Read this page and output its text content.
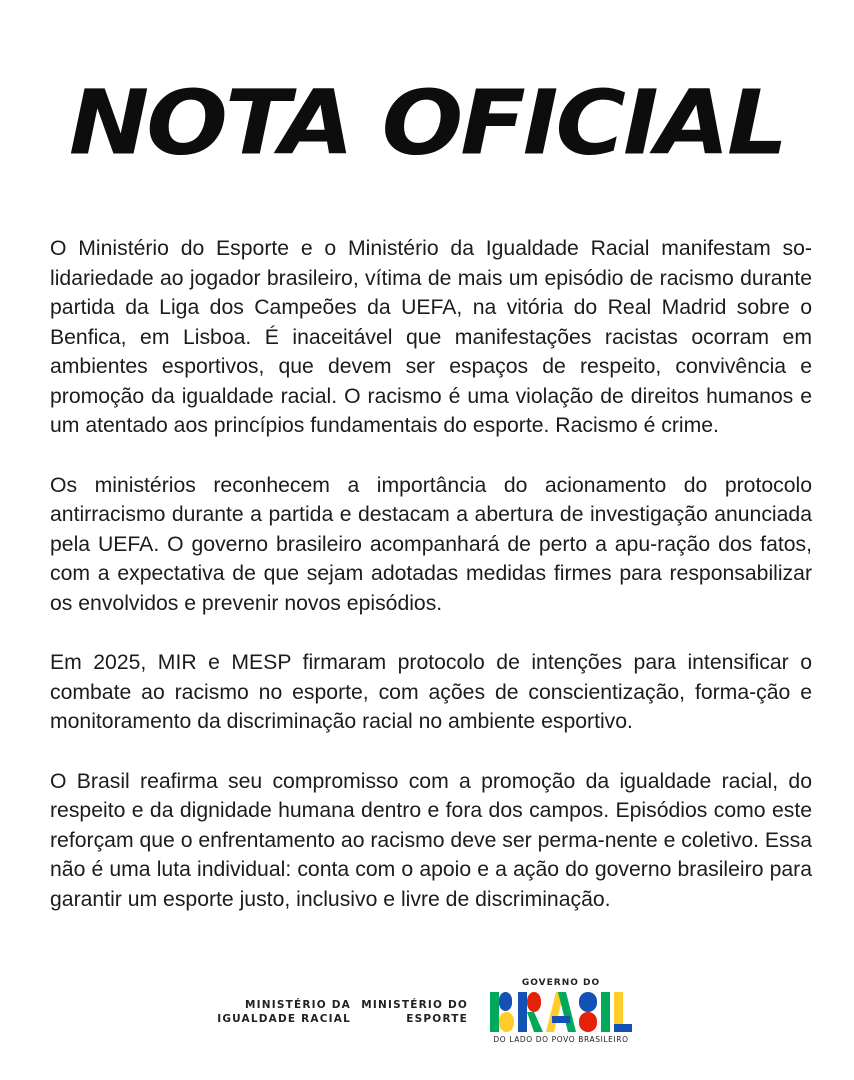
NOTA OFICIAL

O Ministério do Esporte e o Ministério da Igualdade Racial manifestam so-lidariedade ao jogador brasileiro, vítima de mais um episódio de racismo durante partida da Liga dos Campeões da UEFA, na vitória do Real Madrid sobre o Benfica, em Lisboa. É inaceitável que manifestações racistas ocorram em ambientes esportivos, que devem ser espaços de respeito, convivência e promoção da igualdade racial. O racismo é uma violação de direitos humanos e um atentado aos princípios fundamentais do esporte. Racismo é crime.

Os ministérios reconhecem a importância do acionamento do protocolo antirracismo durante a partida e destacam a abertura de investigação anunciada pela UEFA. O governo brasileiro acompanhará de perto a apu-ração dos fatos, com a expectativa de que sejam adotadas medidas firmes para responsabilizar os envolvidos e prevenir novos episódios.

Em 2025, MIR e MESP firmaram protocolo de intenções para intensificar o combate ao racismo no esporte, com ações de conscientização, forma-ção e monitoramento da discriminação racial no ambiente esportivo.

O Brasil reafirma seu compromisso com a promoção da igualdade racial, do respeito e da dignidade humana dentro e fora dos campos. Episódios como este reforçam que o enfrentamento ao racismo deve ser perma-nente e coletivo. Essa não é uma luta individual: conta com o apoio e a ação do governo brasileiro para garantir um esporte justo, inclusivo e livre de discriminação.

MINISTÉRIO DA
IGUALDADE RACIAL
MINISTÉRIO DO
ESPORTE
GOVERNO DO
DO LADO DO POVO BRASILEIRO
